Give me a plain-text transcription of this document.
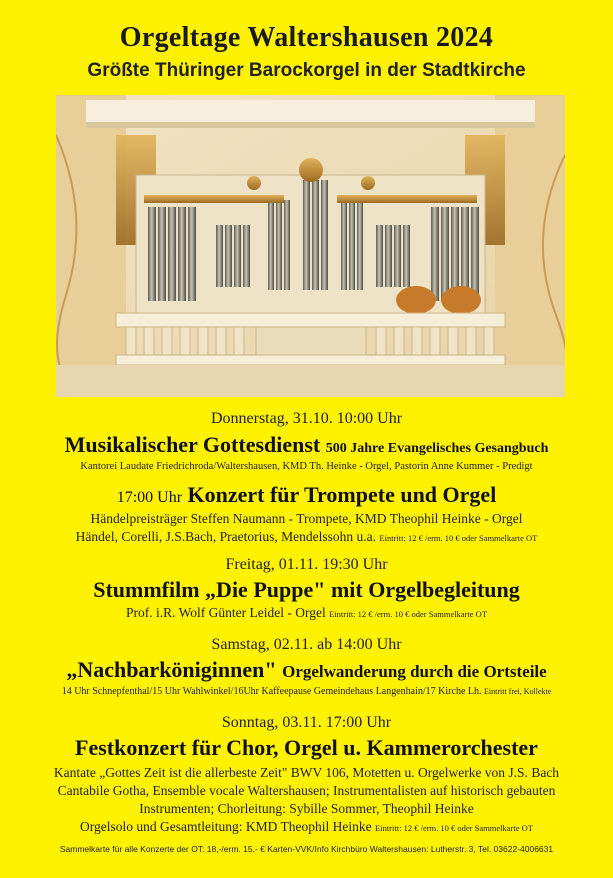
Orgeltage Waltershausen 2024
Größte Thüringer Barockorgel in der Stadtkirche
Donnerstag, 31.10. 10:00 Uhr
Musikalischer Gottesdienst 500 Jahre Evangelisches Gesangbuch
Kantorei Laudate Friedrichroda/Waltershausen, KMD Th. Heinke - Orgel, Pastorin Anne Kummer - Predigt
17:00 Uhr Konzert für Trompete und Orgel
Händelpreisträger Steffen Naumann - Trompete, KMD Theophil Heinke - Orgel
Händel, Corelli, J.S.Bach, Praetorius, Mendelssohn u.a. Eintritt: 12 € /erm. 10 € oder Sammelkarte OT
Freitag, 01.11. 19:30 Uhr
Stummfilm „Die Puppe" mit Orgelbegleitung
Prof. i.R. Wolf Günter Leidel - Orgel Eintritt: 12 € /erm. 10 € oder Sammelkarte OT
Samstag, 02.11. ab 14:00 Uhr
„Nachbarköniginnen" Orgelwanderung durch die Ortsteile
14 Uhr Schnepfenthal/15 Uhr Wahlwinkel/16Uhr Kaffeepause Gemeindehaus Langenhain/17 Kirche Lh. Eintritt frei, Kollekte
Sonntag, 03.11. 17:00 Uhr
Festkonzert für Chor, Orgel u. Kammerorchester
Kantate „Gottes Zeit ist die allerbeste Zeit" BWV 106, Motetten u. Orgelwerke von J.S. Bach
Cantabile Gotha, Ensemble vocale Waltershausen; Instrumentalisten auf historisch gebauten
Instrumenten; Chorleitung: Sybille Sommer, Theophil Heinke
Orgelsolo und Gesamtleitung: KMD Theophil Heinke Eintritt: 12 € /erm. 10 € oder Sammelkarte OT
Sammelkarte für alle Konzerte der OT: 18,-/erm. 15,- € Karten-VVK/Info Kirchbüro Waltershausen: Lutherstr. 3, Tel. 03622-4006631
